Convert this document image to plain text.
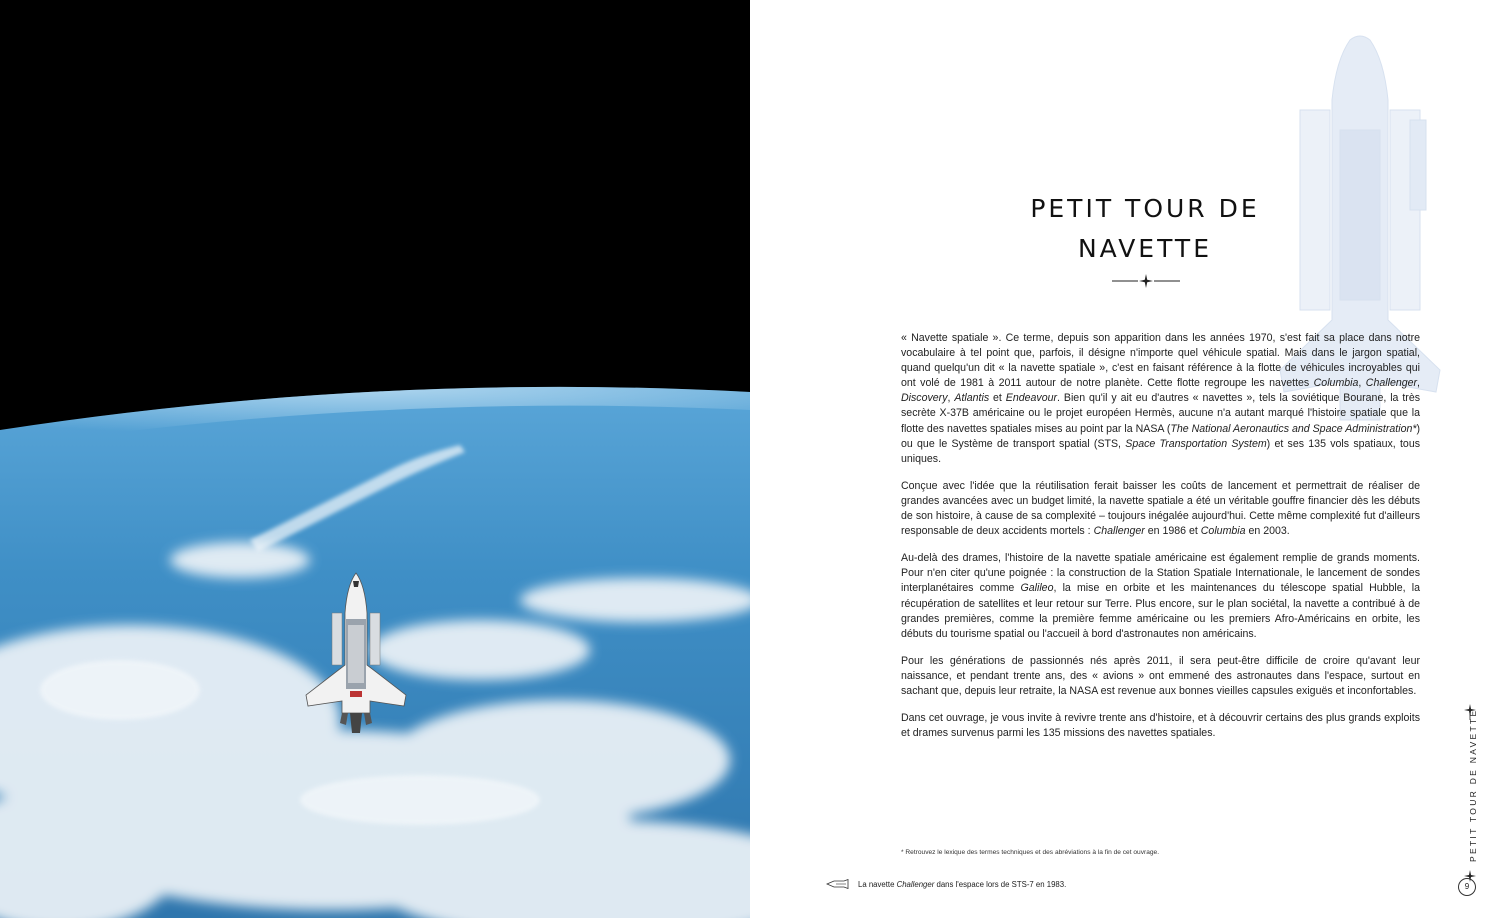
PETIT TOUR DE
NAVETTE

« Navette spatiale ». Ce terme, depuis son apparition dans les années 1970, s'est fait sa place dans notre vocabulaire à tel point que, parfois, il désigne n'importe quel véhicule spatial. Mais dans le jargon spatial, quand quelqu'un dit « la navette spatiale », c'est en faisant référence à la flotte de véhicules incroyables qui ont volé de 1981 à 2011 autour de notre planète. Cette flotte regroupe les navettes Columbia, Challenger, Discovery, Atlantis et Endeavour. Bien qu'il y ait eu d'autres « navettes », tels la soviétique Bourane, la très secrète X-37B américaine ou le projet européen Hermès, aucune n'a autant marqué l'histoire spatiale que la flotte des navettes spatiales mises au point par la NASA (The National Aeronautics and Space Administration*) ou que le Système de transport spatial (STS, Space Transportation System) et ses 135 vols spatiaux, tous uniques.

Conçue avec l'idée que la réutilisation ferait baisser les coûts de lancement et permettrait de réaliser de grandes avancées avec un budget limité, la navette spatiale a été un véritable gouffre financier dès les débuts de son histoire, à cause de sa complexité – toujours inégalée aujourd'hui. Cette même complexité fut d'ailleurs responsable de deux accidents mortels : Challenger en 1986 et Columbia en 2003.

Au-delà des drames, l'histoire de la navette spatiale américaine est également remplie de grands moments. Pour n'en citer qu'une poignée : la construction de la Station Spatiale Internationale, le lancement de sondes interplanétaires comme Galileo, la mise en orbite et les maintenances du télescope spatial Hubble, la récupération de satellites et leur retour sur Terre. Plus encore, sur le plan sociétal, la navette a contribué à de grandes premières, comme la première femme américaine ou les premiers Afro-Américains en orbite, les débuts du tourisme spatial ou l'accueil à bord d'astronautes non américains.

Pour les générations de passionnés nés après 2011, il sera peut-être difficile de croire qu'avant leur naissance, et pendant trente ans, des « avions » ont emmené des astronautes dans l'espace, surtout en sachant que, depuis leur retraite, la NASA est revenue aux bonnes vieilles capsules exiguës et inconfortables.

Dans cet ouvrage, je vous invite à revivre trente ans d'histoire, et à découvrir certains des plus grands exploits et drames survenus parmi les 135 missions des navettes spatiales.

* Retrouvez le lexique des termes techniques et des abréviations à la fin de cet ouvrage.
La navette Challenger dans l'espace lors de STS-7 en 1983.
PETIT TOUR DE NAVETTE
9
